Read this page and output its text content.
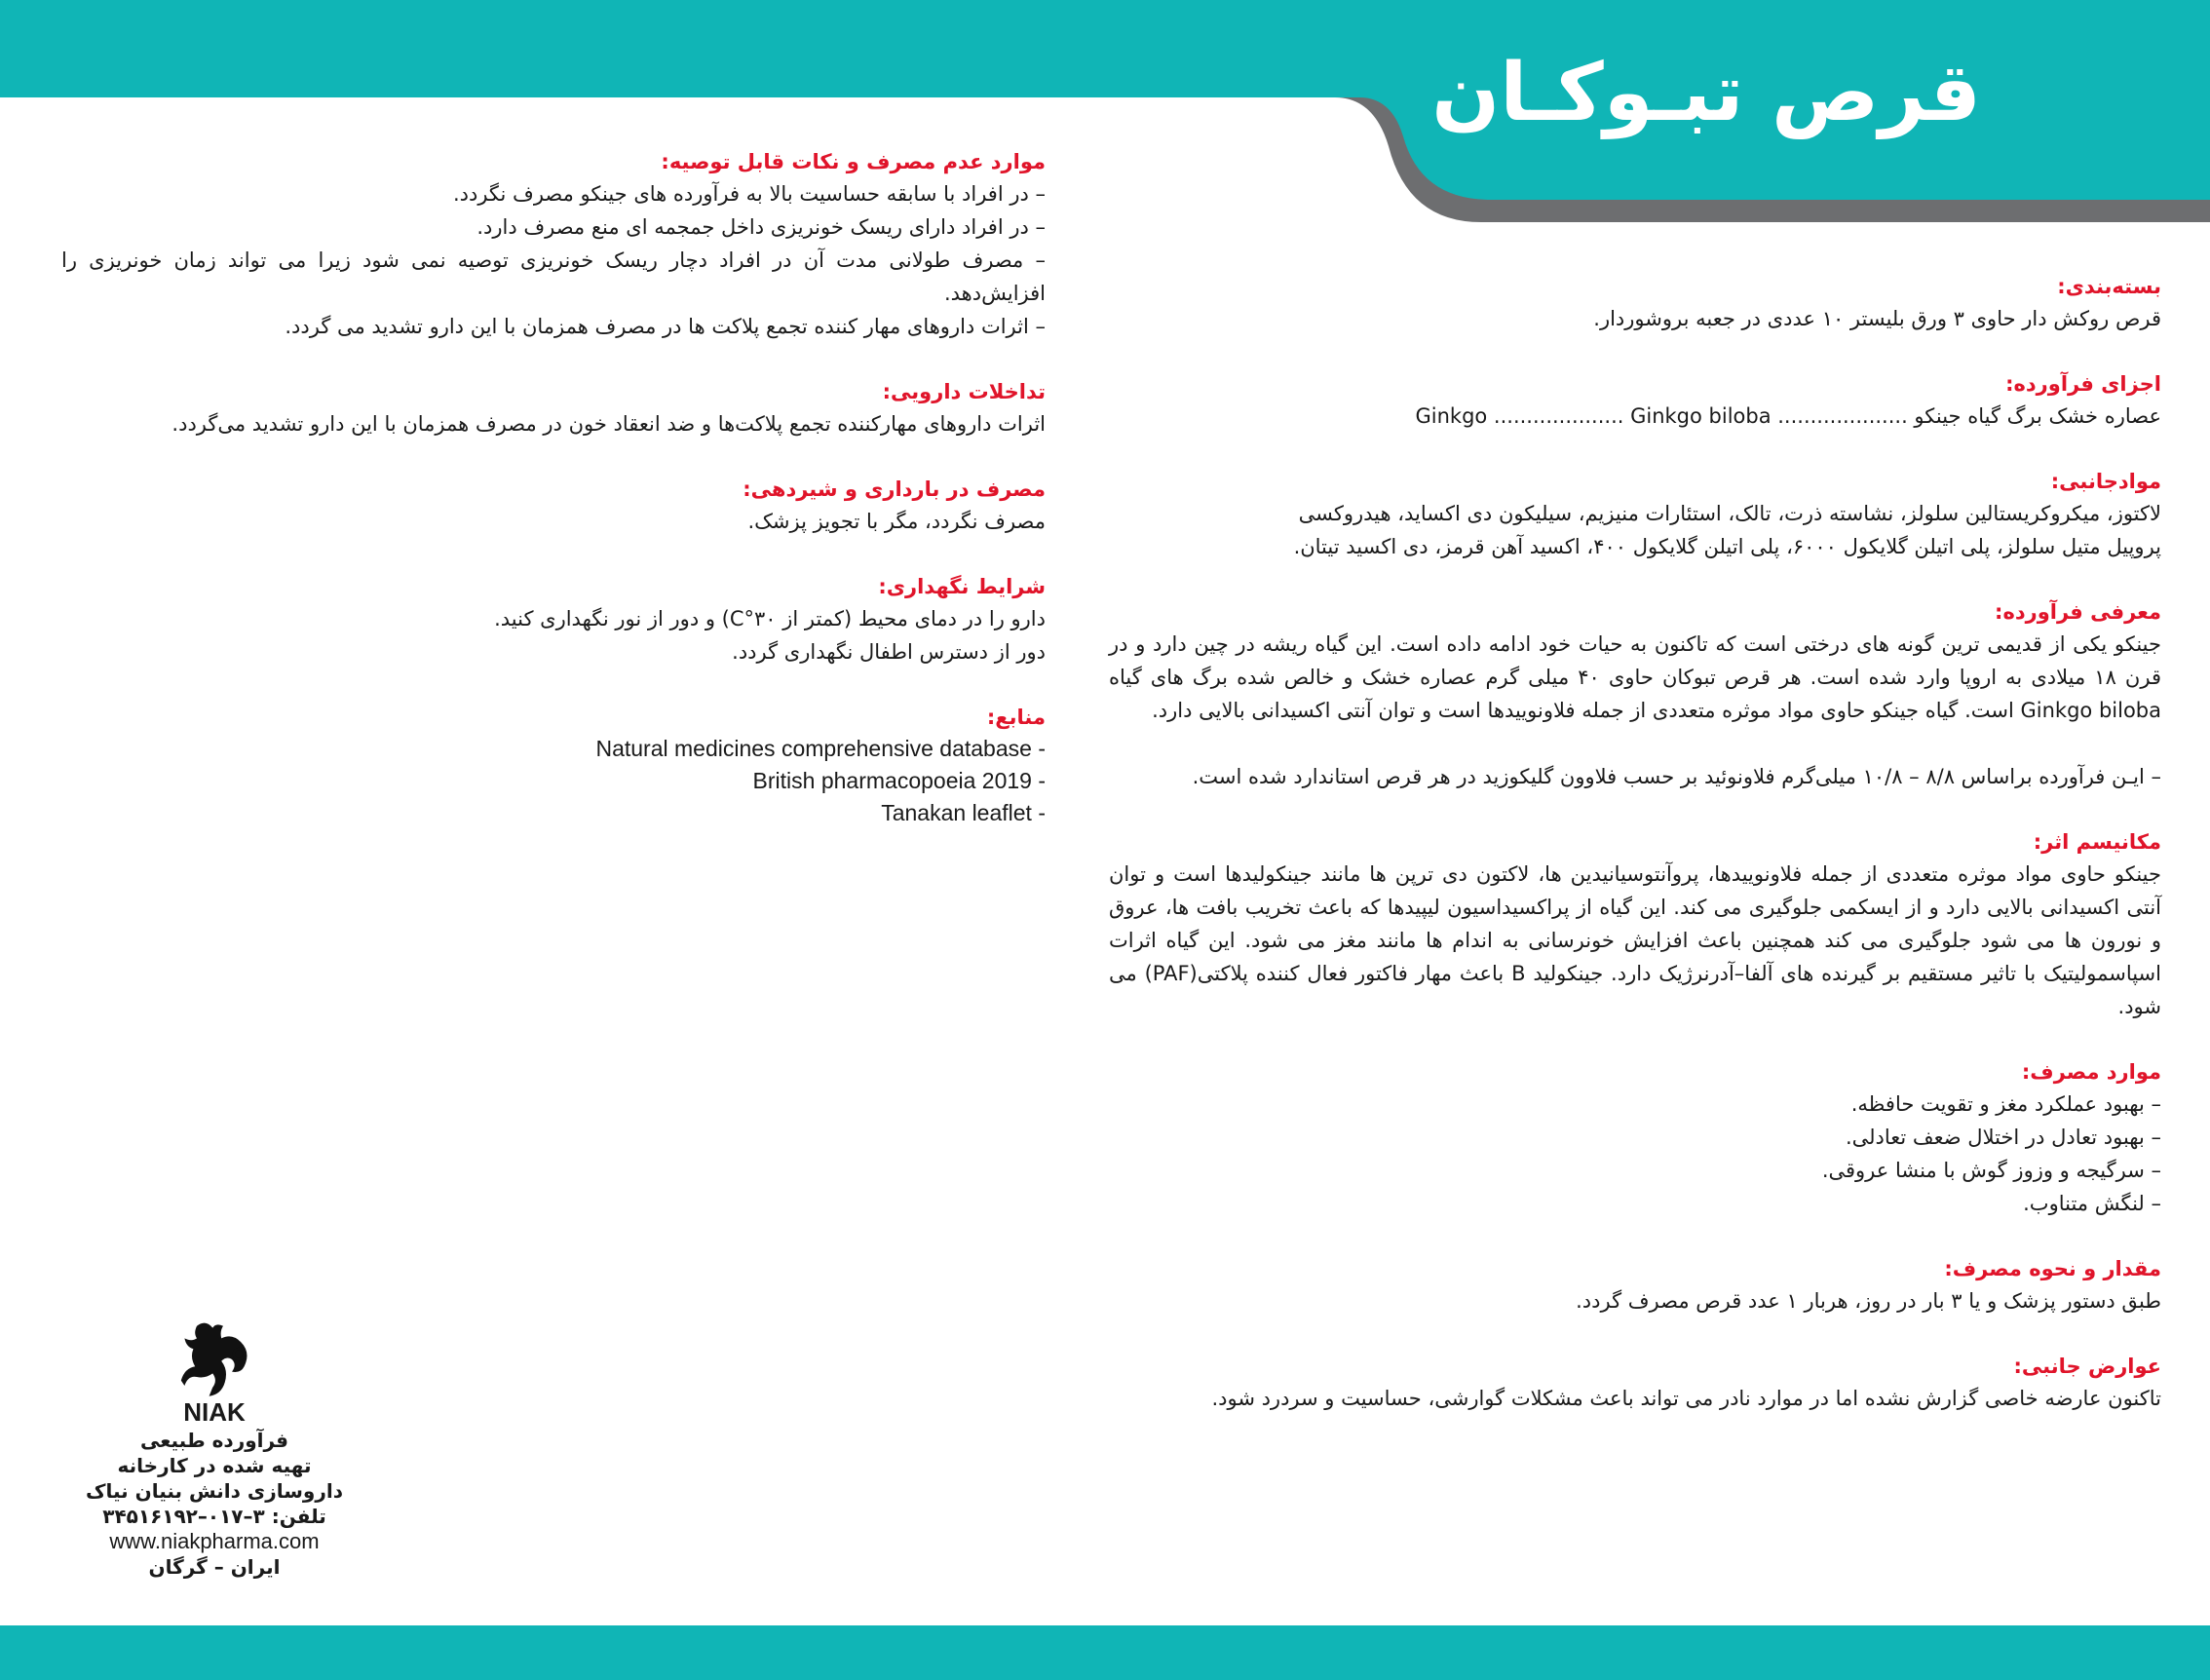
قرص تبـوکـان

بسته‌بندی:

قرص روکش دار حاوی ۳ ورق بلیستر ۱۰ عددی در جعبه بروشوردار.

اجزای فرآورده:

عصاره خشک برگ گیاه جینکو .................... Ginkgo .................... Ginkgo biloba

موادجانبی:

لاکتوز، میکروکریستالین سلولز، نشاسته ذرت، تالک، استئارات منیزیم، سیلیکون دی اکساید، هیدروکسی

پروپیل متیل سلولز، پلی اتیلن گلایکول ۶۰۰۰، پلی اتیلن گلایکول ۴۰۰، اکسید آهن قرمز، دی اکسید تیتان.

معرفی فرآورده:

جینکو یکی از قدیمی ترین گونه های درختی است که تاکنون به حیات خود ادامه داده است. این گیاه ریشه در چین دارد و در قرن ۱۸ میلادی به اروپا وارد شده است. هر قرص تبوکان حاوی ۴۰ میلی گرم عصاره خشک و خالص شده برگ های گیاه Ginkgo biloba است. گیاه جینکو حاوی مواد موثره متعددی از جمله فلاونوییدها است و توان آنتی اکسیدانی بالایی دارد.

– ایـن فرآورده براساس ۸/۸ – ۱۰/۸ میلی‌گرم فلاونوئید بر حسب فلاوون گلیکوزید در هر قرص استاندارد شده است.

مکانیسم اثر:

جینکو حاوی مواد موثره متعددی از جمله فلاونوییدها، پروآنتوسیانیدین ها، لاکتون دی ترپن ها مانند جینکولیدها است و توان آنتی اکسیدانی بالایی دارد و از ایسکمی جلوگیری می کند. این گیاه از پراکسیداسیون لیپیدها که باعث تخریب بافت ها، عروق و نورون ها می شود جلوگیری می کند همچنین باعث افزایش خونرسانی به اندام ها مانند مغز می شود. این گیاه اثرات اسپاسمولیتیک با تاثیر مستقیم بر گیرنده های آلفا–آدرنرژیک دارد. جینکولید B باعث مهار فاکتور فعال کننده پلاکتی(PAF) می شود.

موارد مصرف:

– بهبود عملکرد مغز و تقویت حافظه.

– بهبود تعادل در اختلال ضعف تعادلی.

– سرگیجه و وزوز گوش با منشا عروقی.

– لنگش متناوب.

مقدار و نحوه مصرف:

طبق دستور پزشک و یا ۳ بار در روز، هربار ۱ عدد قرص مصرف گردد.

عوارض جانبی:

تاکنون عارضه خاصی گزارش نشده اما در موارد نادر می تواند باعث مشکلات گوارشی، حساسیت و سردرد شود.

موارد عدم مصرف و نکات قابل توصیه:

– در افراد با سابقه حساسیت بالا به فرآورده های جینکو مصرف نگردد.

– در افراد دارای ریسک خونریزی داخل جمجمه ای منع مصرف دارد.

– مصرف طولانی مدت آن در افراد دچار ریسک خونریزی توصیه نمی شود زیرا می تواند زمان خونریزی را افزایش‌دهد.

– اثرات داروهای مهار کننده تجمع پلاکت ها در مصرف همزمان با این دارو تشدید می گردد.

تداخلات دارویی:

اثرات داروهای مهارکننده تجمع پلاکت‌ها و ضد انعقاد خون در مصرف همزمان با این دارو تشدید می‌گردد.

مصرف در بارداری و شیردهی:

مصرف نگردد، مگر با تجویز پزشک.

شرایط نگهداری:

دارو را در دمای محیط (کمتر از ۳۰°C) و دور از نور نگهداری کنید.

دور از دسترس اطفال نگهداری گردد.

منابع:

Natural medicines comprehensive database -
British pharmacopoeia 2019 -
Tanakan leaflet -
NIAK
فرآورده طبیعی
تهیه شده در کارخانه
داروسازی دانش بنیان نیاک
تلفن: ۳–۰۱۷–۳۴۵۱۶۱۹۲
www.niakpharma.com
ایران – گرگان
